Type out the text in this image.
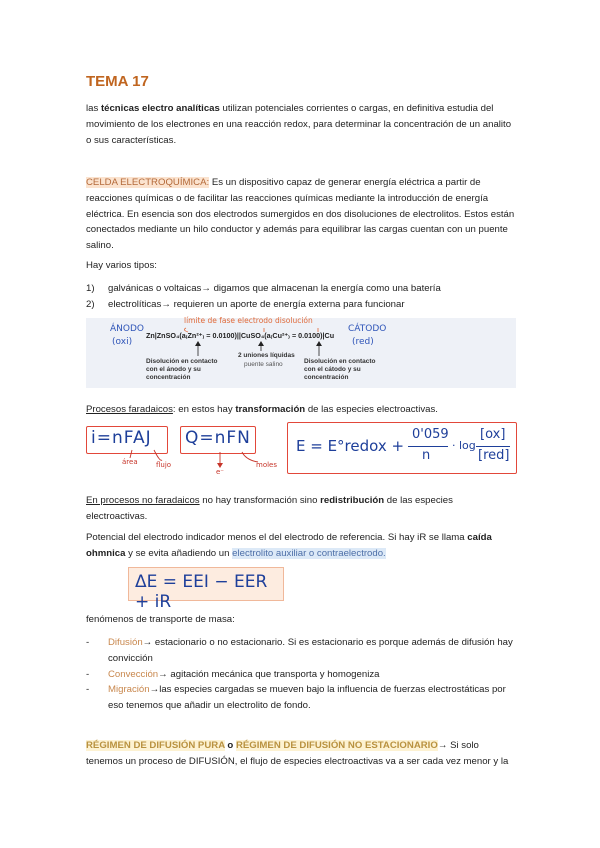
TEMA 17
las técnicas electro analíticas utilizan potenciales corrientes o cargas, en definitiva estudia del movimiento de los electrones en una reacción redox, para determinar la concentración de un analito o sus características.
CELDA ELECTROQUÍMICA: Es un dispositivo capaz de generar energía eléctrica a partir de reacciones químicas o de facilitar las reacciones químicas mediante la introducción de energía eléctrica. En esencia son dos electrodos sumergidos en dos disoluciones de electrolitos. Estos están conectados mediante un hilo conductor y además para equilibrar las cargas cuentan con un puente salino.
Hay varios tipos:
1) galvánicas o voltaicas→ digamos que almacenan la energía como una batería
2) electrolíticas→ requieren un aporte de energía externa para funcionar
ÁNODO
(oxi)
CÁTODO
(red)
límite de fase electrodo disolución
Zn|ZnSO₄(a₍Zn²⁺₎ = 0.0100)||CuSO₄(a₍Cu²⁺₎ = 0.0100)|Cu
Disolución en contacto con el ánodo y su concentración
2 uniones líquidas
puente salino	Disolución en contacto con el cátodo y su concentración
Procesos faradaicos: en estos hay transformación de las especies electroactivas.
i=nFAJ
área	flujo
Q=nFN
e⁻
moles
E = E°redox +
0'059
n
· log
[ox]
[red]
En procesos no faradaicos no hay transformación sino redistribución de las especies electroactivas.
Potencial del electrodo indicador menos el del electrodo de referencia. Si hay iR se llama caída ohmnica y se evita añadiendo un electrolito auxiliar o contraelectrodo.
ΔE = EEI − EER + iR
fenómenos de transporte de masa:
- Difusión→ estacionario o no estacionario. Si es estacionario es porque además de difusión hay convicción
- Convección→ agitación mecánica que transporta y homogeniza
- Migración→las especies cargadas se mueven bajo la influencia de fuerzas electrostáticas por eso tenemos que añadir un electrolito de fondo.
RÉGIMEN DE DIFUSIÓN PURA o RÉGIMEN DE DIFUSIÓN NO ESTACIONARIO→ Si solo tenemos un proceso de DIFUSIÓN, el flujo de especies electroactivas va a ser cada vez menor y la
